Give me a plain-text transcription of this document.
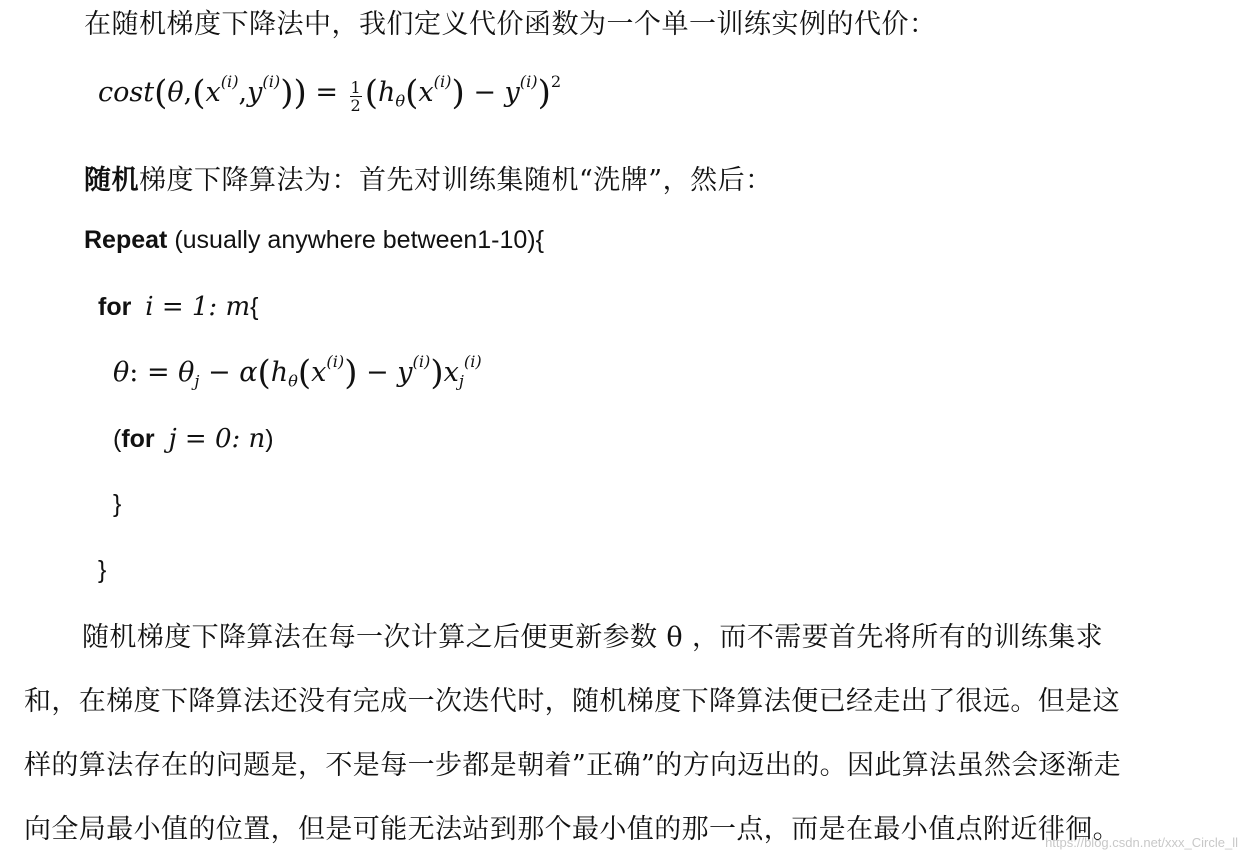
在随机梯度下降法中，我们定义代价函数为一个单一训练实例的代价：
$\cos t(\theta,(x^{(i)},y^{(i)})) = \frac{1}{2} (h_\theta(x^{(i)}) - y^{(i)})^2$
随机梯度下降算法为：首先对训练集随机“洗牌”，然后：
Repeat (usually anywhere between1-10){
for i = 1: m{
θ: = $\theta_j - \alpha(h_\theta(x^{(i)}) - y^{(i)})x_j^{(i)}$
(for j = 0: n)
}
}
随机梯度下降算法在每一次计算之后便更新参数 θ ，而不需要首先将所有的训练集求
和，在梯度下降算法还没有完成一次迭代时，随机梯度下降算法便已经走出了很远。但是这
样的算法存在的问题是，不是每一步都是朝着”正确”的方向迈出的。因此算法虽然会逐渐走
向全局最小值的位置，但是可能无法站到那个最小值的那一点，而是在最小值点附近徘徊。
https://blog.csdn.net/xxx_Circle_ll
